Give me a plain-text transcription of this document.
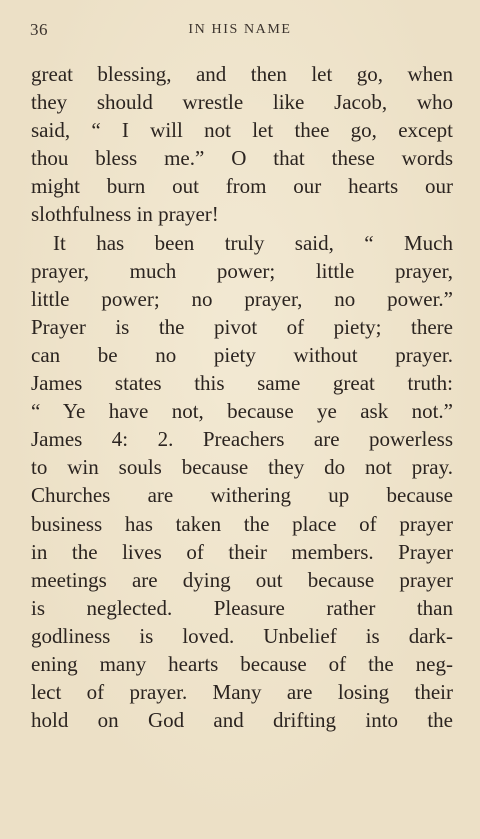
36	IN HIS NAME
great blessing, and then let go, when
they should wrestle like Jacob, who
said, “ I will not let thee go, except
thou bless me.” O that these words
might burn out from our hearts our
slothfulness in prayer!
It has been truly said, “ Much
prayer, much power; little prayer,
little power; no prayer, no power.”
Prayer is the pivot of piety; there
can be no piety without prayer.
James states this same great truth:
“ Ye have not, because ye ask not.”
James 4: 2. Preachers are powerless
to win souls because they do not pray.
Churches are withering up because
business has taken the place of prayer
in the lives of their members. Prayer
meetings are dying out because prayer
is neglected. Pleasure rather than
godliness is loved. Unbelief is dark-
ening many hearts because of the neg-
lect of prayer. Many are losing their
hold on God and drifting into the
